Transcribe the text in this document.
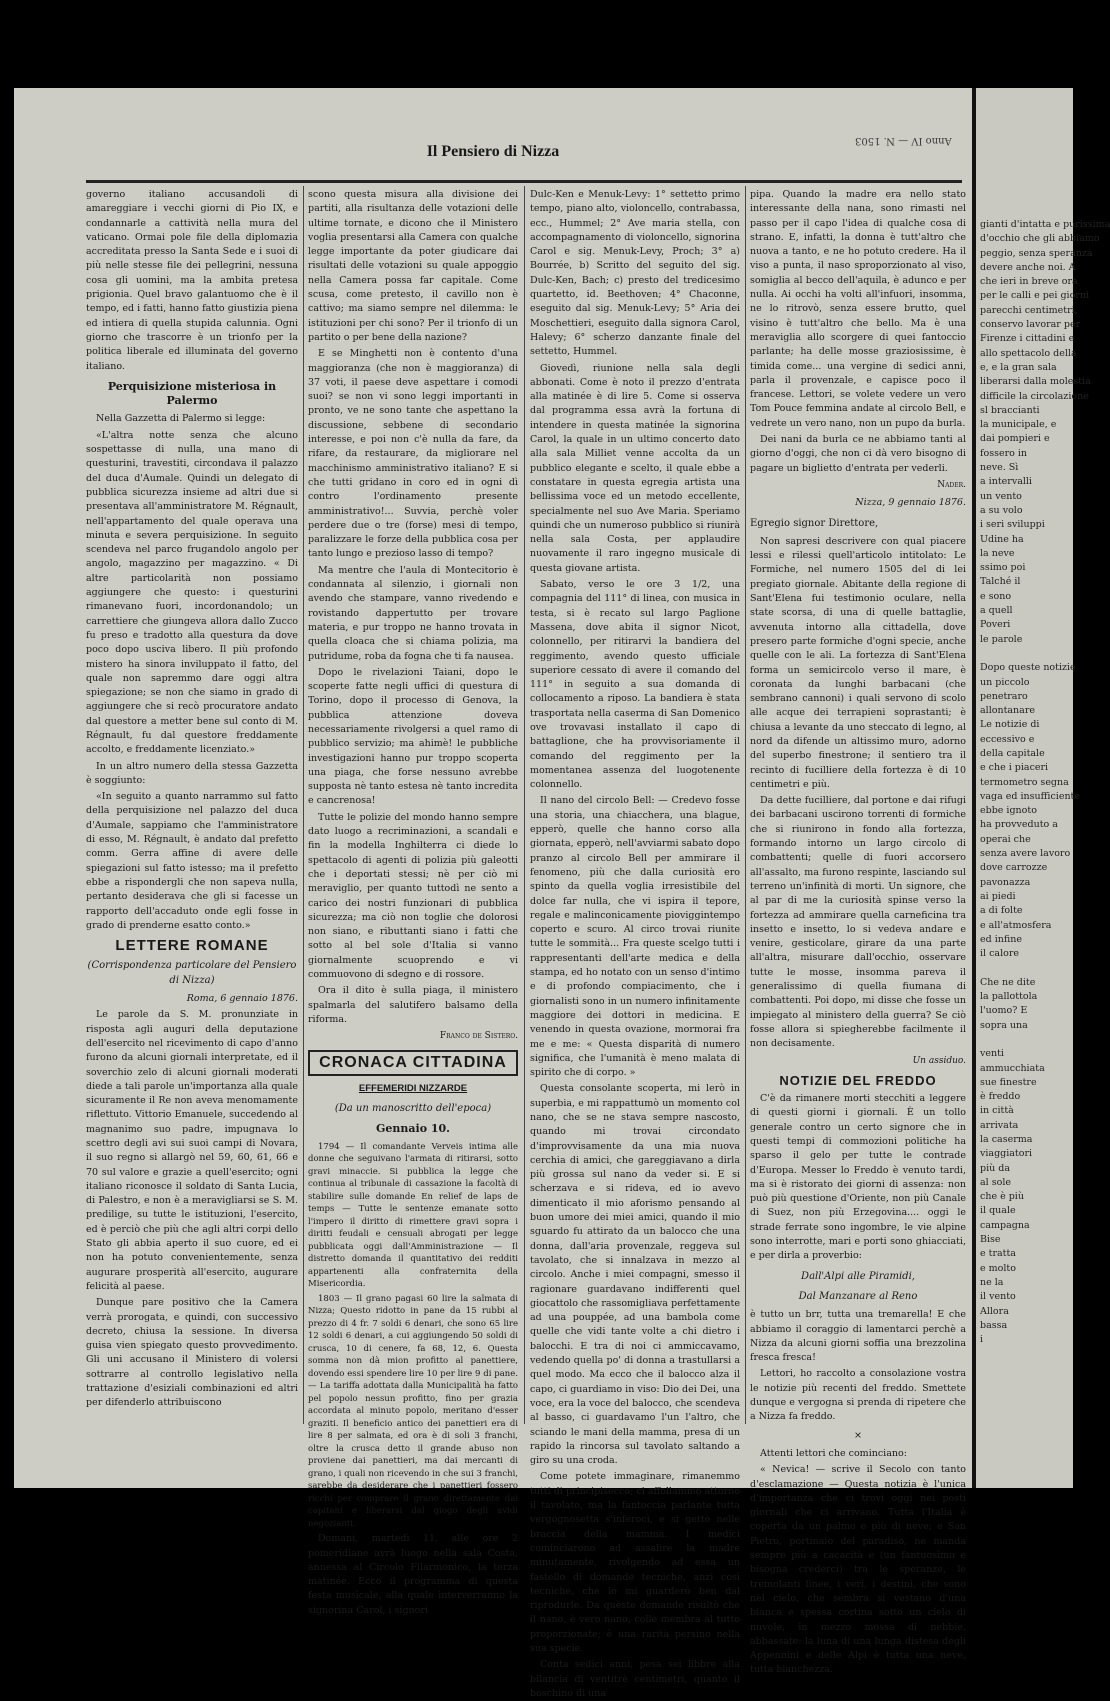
Il Pensiero di Nizza
Anno IV — N. 1503

governo italiano accusandoli di amareggiare i vecchi giorni di Pio IX, e condannarle a cattività nella mura del vaticano. Ormai pole file della diplomazia accreditata presso la Santa Sede e i suoi di più nelle stesse file dei pellegrini, nessuna cosa gli uomini, ma la ambita pretesa prigionia. Quel bravo galantuomo che è il tempo, ed i fatti, hanno fatto giustizia piena ed intiera di quella stupida calunnia. Ogni giorno che trascorre è un trionfo per la politica liberale ed illuminata del governo italiano.

Perquisizione misteriosa in Palermo

Nella Gazzetta di Palermo si legge:

«L'altra notte senza che alcuno sospettasse di nulla, una mano di questurini, travestiti, circondava il palazzo del duca d'Aumale. Quindi un delegato di pubblica sicurezza insieme ad altri due si presentava all'amministratore M. Régnault, nell'appartamento del quale operava una minuta e severa perquisizione. In seguito scendeva nel parco frugandolo angolo per angolo, magazzino per magazzino. « Di altre particolarità non possiamo aggiungere che questo: i questurini rimanevano fuori, incordonandolo; un carrettiere che giungeva allora dallo Zucco fu preso e tradotto alla questura da dove poco dopo usciva libero. Il più profondo mistero ha sinora inviluppato il fatto, del quale non sapremmo dare oggi altra spiegazione; se non che siamo in grado di aggiungere che si recò procuratore andato dal questore a metter bene sul conto di M. Régnault, fu dal questore freddamente accolto, e freddamente licenziato.»

In un altro numero della stessa Gazzetta è soggiunto:

«In seguito a quanto narrammo sul fatto della perquisizione nel palazzo del duca d'Aumale, sappiamo che l'amministratore di esso, M. Régnault, è andato dal prefetto comm. Gerra affine di avere delle spiegazioni sul fatto istesso; ma il prefetto ebbe a rispondergli che non sapeva nulla, pertanto desiderava che gli si facesse un rapporto dell'accaduto onde egli fosse in grado di prenderne esatto conto.»

LETTERE ROMANE
(Corrispondenza particolare del Pensiero di Nizza)
Roma, 6 gennaio 1876.

Le parole da S. M. pronunziate in risposta agli auguri della deputazione dell'esercito nel ricevimento di capo d'anno furono da alcuni giornali interpretate, ed il soverchio zelo di alcuni giornali moderati diede a tali parole un'importanza alla quale sicuramente il Re non aveva menomamente riflettuto. Vittorio Emanuele, succedendo al magnanimo suo padre, impugnava lo scettro degli avi sui suoi campi di Novara, il suo regno si allargò nel 59, 60, 61, 66 e 70 sul valore e grazie a quell'esercito; ogni italiano riconosce il soldato di Santa Lucia, di Palestro, e non è a meravigliarsi se S. M. predilige, su tutte le istituzioni, l'esercito, ed è perciò che più che agli altri corpi dello Stato gli abbia aperto il suo cuore, ed ei non ha potuto convenientemente, senza augurare prosperità all'esercito, augurare felicità al paese.

Dunque pare positivo che la Camera verrà prorogata, e quindi, con successivo decreto, chiusa la sessione. In diversa guisa vien spiegato questo provvedimento. Gli uni accusano il Ministero di volersi sottrarre al controllo legislativo nella trattazione d'esiziali combinazioni ed altri per difenderlo attribuiscono

scono questa misura alla divisione dei partiti, alla risultanza delle votazioni delle ultime tornate, e dicono che il Ministero voglia presentarsi alla Camera con qualche legge importante da poter giudicare dai risultati delle votazioni su quale appoggio nella Camera possa far capitale. Come scusa, come pretesto, il cavillo non è cattivo; ma siamo sempre nel dilemma: le istituzioni per chi sono? Per il trionfo di un partito o per bene della nazione?

E se Minghetti non è contento d'una maggioranza (che non è maggioranza) di 37 voti, il paese deve aspettare i comodi suoi? se non vi sono leggi importanti in pronto, ve ne sono tante che aspettano la discussione, sebbene di secondario interesse, e poi non c'è nulla da fare, da rifare, da restaurare, da migliorare nel macchinismo amministrativo italiano? E si che tutti gridano in coro ed in ogni dì contro l'ordinamento presente amministrativo!... Suvvia, perchè voler perdere due o tre (forse) mesi di tempo, paralizzare le forze della pubblica cosa per tanto lungo e prezioso lasso di tempo?

Ma mentre che l'aula di Montecitorio è condannata al silenzio, i giornali non avendo che stampare, vanno rivedendo e rovistando dappertutto per trovare materia, e pur troppo ne hanno trovata in quella cloaca che si chiama polizia, ma putridume, roba da fogna che ti fa nausea.

Dopo le rivelazioni Taiani, dopo le scoperte fatte negli uffici di questura di Torino, dopo il processo di Genova, la pubblica attenzione doveva necessariamente rivolgersi a quel ramo di pubblico servizio; ma ahimè! le pubbliche investigazioni hanno pur troppo scoperta una piaga, che forse nessuno avrebbe supposta nè tanto estesa nè tanto incredita e cancrenosa!

Tutte le polizie del mondo hanno sempre dato luogo a recriminazioni, a scandali e fin la modella Inghilterra ci diede lo spettacolo di agenti di polizia più galeotti che i deportati stessi; nè per ciò mi meraviglio, per quanto tuttodì ne sento a carico dei nostri funzionari di pubblica sicurezza; ma ciò non toglie che dolorosi non siano, e ributtanti siano i fatti che sotto al bel sole d'Italia si vanno giornalmente scuoprendo e vi commuovono di sdegno e di rossore.

Ora il dito è sulla piaga, il ministero spalmarla del salutifero balsamo della riforma.

Franco de Sistero.
CRONACA CITTADINA
EFFEMERIDI NIZZARDE
(Da un manoscritto dell'epoca)
Gennaio 10.

1794 — Il comandante Verveis intima alle donne che seguivano l'armata di ritirarsi, sotto gravi minaccie. Si pubblica la legge che continua al tribunale di cassazione la facoltà di stabilire sulle domande En relief de laps de temps — Tutte le sentenze emanate sotto l'impero il diritto di rimettere gravi sopra i diritti feudali e censuali abrogati per legge pubblicata oggi dall'Amministrazione — Il distretto domanda il quantitativo dei redditi appartenenti alla confraternita della Misericordia.

1803 — Il grano pagasi 60 lire la salmata di Nizza; Questo ridotto in pane da 15 rubbi al prezzo di 4 fr. 7 soldi 6 denari, che sono 65 lire 12 soldi 6 denari, a cui aggiungendo 50 soldi di crusca, 10 di cenere, fa 68, 12, 6. Questa somma non dà mion profitto al panettiere, dovendo essi spendere lire 10 per lire 9 di pane. — La tariffa adottata dalla Municipalità ha fatto pel popolo nessun profitto, fino per grazia accordata al minuto popolo, meritano d'esser graziti. Il beneficio antico dei panettieri era di lire 8 per salmata, ed ora è di soli 3 franchi, oltre la crusca detto il grande abuso non proviene dai panettieri, ma dai mercanti di grano, i quali non ricevendo in che sui 3 franchi, sarebbe da desiderare che i panettieri fossero ricchi per comprare il grano direttamente dai capitani e liberarsi dal giogo degli avidi negozianti.

Domani, martedì 11, alle ore 2 pomeridiane avrà luogo nella sala Costa, annessa al Circolo Filarmonico, la terza matinée. Ecco il programma di questa festa musicale, alla quale interverranno la signorina Carol, i signori

Dulc-Ken e Menuk-Levy: 1° settetto primo tempo, piano alto, violoncello, contrabassa, ecc., Hummel; 2° Ave maria stella, con accompagnamento di violoncello, signorina Carol e sig. Menuk-Levy, Proch; 3° a) Bourrée, b) Scritto del seguito del sig. Dulc-Ken, Bach; c) presto del tredicesimo quartetto, id. Beethoven; 4° Chaconne, eseguito dal sig. Menuk-Levy; 5° Aria dei Moschettieri, eseguito dalla signora Carol, Halevy; 6° scherzo danzante finale del settetto, Hummel.

Giovedì, riunione nella sala degli abbonati. Come è noto il prezzo d'entrata alla matinée è di lire 5. Come si osserva dal programma essa avrà la fortuna di intendere in questa matinée la signorina Carol, la quale in un ultimo concerto dato alla sala Milliet venne accolta da un pubblico elegante e scelto, il quale ebbe a constatare in questa egregia artista una bellissima voce ed un metodo eccellente, specialmente nel suo Ave Maria. Speriamo quindi che un numeroso pubblico si riunirà nella sala Costa, per applaudire nuovamente il raro ingegno musicale di questa giovane artista.

Sabato, verso le ore 3 1/2, una compagnia del 111° di linea, con musica in testa, si è recato sul largo Paglione Massena, dove abita il signor Nicot, colonnello, per ritirarvi la bandiera del reggimento, avendo questo ufficiale superiore cessato di avere il comando del 111° in seguito a sua domanda di collocamento a riposo. La bandiera è stata trasportata nella caserma di San Domenico ove trovavasi installato il capo di battaglione, che ha provvisoriamente il comando del reggimento per la momentanea assenza del luogotenente colonnello.

Il nano del circolo Bell: — Credevo fosse una storia, una chiacchera, una blague, epperò, quelle che hanno corso alla giornata, epperò, nell'avviarmi sabato dopo pranzo al circolo Bell per ammirare il fenomeno, più che dalla curiosità ero spinto da quella voglia irresistibile del dolce far nulla, che vi ispira il tepore, regale e malinconicamente pioviggintempo coperto e scuro. Al circo trovai riunite tutte le sommità... Fra queste scelgo tutti i rappresentanti dell'arte medica e della stampa, ed ho notato con un senso d'intimo e di profondo compiacimento, che i giornalisti sono in un numero infinitamente maggiore dei dottori in medicina. E venendo in questa ovazione, mormorai fra me e me: « Questa disparità di numero significa, che l'umanità è meno malata di spirito che di corpo. »

Questa consolante scoperta, mi lerò in superbia, e mi rappattumò un momento col nano, che se ne stava sempre nascosto, quando mi trovai circondato d'improvvisamente da una mia nuova cerchia di amici, che gareggiavano a dirla più grossa sul nano da veder si. E si scherzava e si rideva, ed io avevo dimenticato il mio aforismo pensando al buon umore dei miei amici, quando il mio sguardo fu attirato da un balocco che una donna, dall'aria provenzale, reggeva sul tavolato, che si innalzava in mezzo al circolo. Anche i miei compagni, smesso il ragionare guardavano indifferenti quel giocattolo che rassomigliava perfettamente ad una pouppée, ad una bambola come quelle che vidi tante volte a chi dietro i balocchi. E tra di noi ci ammiccavamo, vedendo quella po' di donna a trastullarsi a quel modo. Ma ecco che il balocco alza il capo, ci guardiamo in viso: Dio dei Dei, una voce, era la voce del balocco, che scendeva al basso, ci guardavamo l'un l'altro, che sciando le mani della mamma, presa di un rapido la rincorsa sul tavolato saltando a giro su una croda.

Come potete immaginare, rimanemmo tutti di principisecco; ci affollammo attorno il tavolato, ma la fantoccia parlante tutta vergognosetta s'inferocì, e si gettò nelle braccia della mamma. I medici cominciarono ad assalire la madre minutamente, rivolgendo ad essa un fastello di domande tecniche, anzi così tecniche, che io mi guarderò ben dal riprodurle. Da queste domande risultò che il nano, è vero nano, colle membra al tutto proporzionate; è una rarità persino nella sua specie.

Conta sedici anni, pesa sei libbre alla bilancia di ventitrè centimetri, quanto il boschino di una

pipa. Quando la madre era nello stato interessante della nana, sono rimasti nel passo per il capo l'idea di qualche cosa di strano. E, infatti, la donna è tutt'altro che nuova a tanto, e ne ho potuto credere. Ha il viso a punta, il naso sproporzionato al viso, somiglia al becco dell'aquila, è adunco e per nulla. Ai occhi ha volti all'infuori, insomma, ne lo ritrovò, senza essere brutto, quel visino è tutt'altro che bello. Ma è una meraviglia allo scorgere di quei fantoccio parlante; ha delle mosse graziosissime, è timida come... una vergine di sedici anni, parla il provenzale, e capisce poco il francese. Lettori, se volete vedere un vero Tom Pouce femmina andate al circolo Bell, e vedrete un vero nano, non un pupo da burla.

Dei nani da burla ce ne abbiamo tanti al giorno d'oggi, che non ci dà vero bisogno di pagare un biglietto d'entrata per vederli.

Nader.
Nizza, 9 gennaio 1876.
Egregio signor Direttore,

Non sapresi descrivere con qual piacere lessi e rilessi quell'articolo intitolato: Le Formiche, nel numero 1505 del di lei pregiato giornale. Abitante della regione di Sant'Elena fui testimonio oculare, nella state scorsa, di una di quelle battaglie, avvenuta intorno alla cittadella, dove presero parte formiche d'ogni specie, anche quelle con le ali. La fortezza di Sant'Elena forma un semicircolo verso il mare, è coronata da lunghi barbacani (che sembrano cannoni) i quali servono di scolo alle acque dei terrapieni soprastanti; è chiusa a levante da uno steccato di legno, al nord da difende un altissimo muro, adorno del superbo finestrone; il sentiero tra il recinto di fucilliere della fortezza è di 10 centimetri e più.

Da dette fucilliere, dal portone e dai rifugi dei barbacani uscirono torrenti di formiche che si riunirono in fondo alla fortezza, formando intorno un largo circolo di combattenti; quelle di fuori accorsero all'assalto, ma furono respinte, lasciando sul terreno un'infinità di morti. Un signore, che al par di me la curiosità spinse verso la fortezza ad ammirare quella carneficina tra insetto e insetto, lo si vedeva andare e venire, gesticolare, girare da una parte all'altra, misurare dall'occhio, osservare tutte le mosse, insomma pareva il generalissimo di quella fiumana di combattenti. Poi dopo, mi disse che fosse un impiegato al ministero della guerra? Se ciò fosse allora si spiegherebbe facilmente il non decisamente.

Un assiduo.
NOTIZIE DEL FREDDO

C'è da rimanere morti stecchiti a leggere di questi giorni i giornali. È un tollo generale contro un certo signore che in questi tempi di commozioni politiche ha sparso il gelo per tutte le contrade d'Europa. Messer lo Freddo è venuto tardi, ma si è ristorato dei giorni di assenza: non può più questione d'Oriente, non più Canale di Suez, non più Erzegovina.... oggi le strade ferrate sono ingombre, le vie alpine sono interrotte, mari e porti sono ghiacciati, e per dirla a proverbio:

Dall'Alpi alle Piramidi,
Dal Manzanare al Reno

è tutto un brr, tutta una tremarella! E che abbiamo il coraggio di lamentarci perchè a Nizza da alcuni giorni soffia una brezzolina fresca fresca!

Lettori, ho raccolto a consolazione vostra le notizie più recenti del freddo. Smettete dunque e vergogna si prenda di ripetere che a Nizza fa freddo.

×

Attenti lettori che cominciano:

« Nevica! — scrive il Secolo con tanto d'esclamazione — Questa notizia è l'unica d'importanza che ci trovi oggi nei posti giornali che ci arrivano. Tutta l'Italia è coperta da un palmo e più di neve; e San Pietro, portinaio del paradiso, ne manda sempre più a cacacità e (un fantuosimo e bisogna crederci) tra le speranze, le tremolanti linee, i veri, i destini, che sono nel cielo, che sembra si vestano d'una bianca e spessa cortina sotto un cielo di nuvole, in mezzo mossa di nebbie, abbassate: la luna di una lunga distesa degli Appennini e delle Alpi è tutta una neve, tutta bianchezza.

gianti d'intatta e purissima
d'occhio che gli abbiamo
peggio, senza speranza
devere anche noi. A
che ieri in breve ora
per le calli e pei giorni
parecchi centimetri,
conservo lavorar per
Firenze i cittadini e
allo spettacolo della
e, e la gran sala
liberarsi dalla molestia
difficile la circolazione
sl braccianti
la municipale, e
dai pompieri e
fossero in
neve. Sì
a intervalli
un vento
a su volo
i seri sviluppi
Udine ha
la neve
ssimo poi
Talché il
e sono
a quell
Poveri
le parole

Dopo queste notizie
un piccolo
penetraro
allontanare
Le notizie di
eccessivo e
della capitale
e che i piaceri
termometro segna
vaga ed insufficiente
ebbe ignoto
ha provveduto a
operai che
senza avere lavoro
dove carrozze
pavonazza
ai piedi
a di folte
e all'atmosfera
ed infine
il calore

Che ne dite
la pallottola
l'uomo? E
sopra una

venti
ammucchiata
sue finestre
è freddo
in città
arrivata
la caserma
viaggiatori
più da
al sole
che è più
il quale
campagna
Bise
e tratta
e molto
ne la
il vento
Allora
bassa
i
